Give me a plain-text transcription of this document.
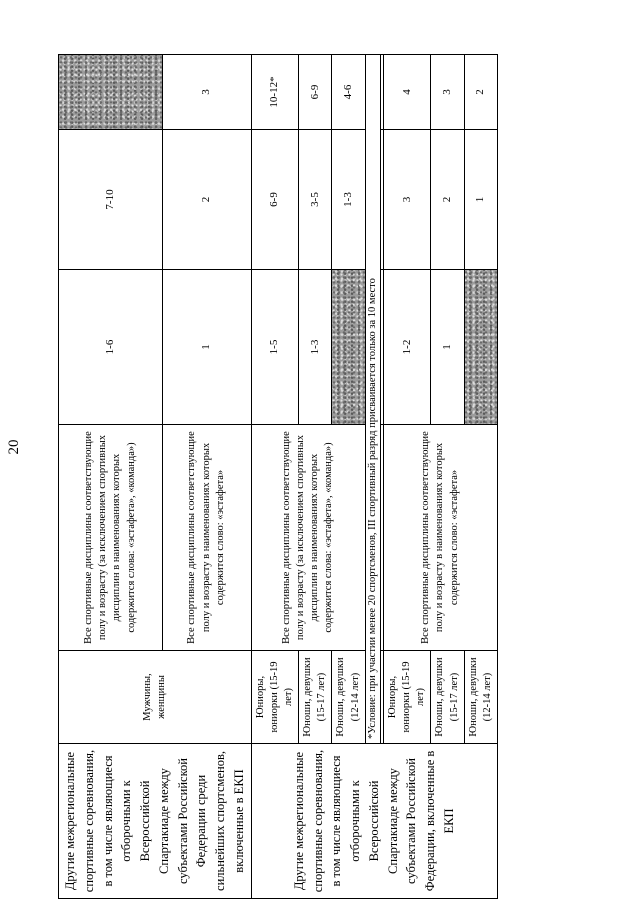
20
Другие межрегиональные спортивные соревнования, в том числе являющиеся отборочными к Всероссийской Спартакиаде между субъектами Российской Федерации среди сильнейших спортсменов, включенные в ЕКП	Мужчины, женщины	Все спортивные дисциплины соответствующие полу и возрасту (за исключением спортивных дисциплин в наименованиях которых содержится слова: «эстафета», «команда»)	1-6	7-10	
		Все спортивные дисциплины соответствующие полу и возрасту в наименованиях которых содержится слово: «эстафета»	1	2	3
Другие межрегиональные спортивные соревнования, в том числе являющиеся отборочными к Всероссийской Спартакиаде между субъектами Российской Федерации, включенные в ЕКП	Юниоры, юниорки (15-19 лет)	Все спортивные дисциплины соответствующие полу и возрасту (за исключением спортивных дисциплин в наименованиях которых содержится слова: «эстафета», «команда»)	1-5	6-9	10-12*
	Юноши, девушки (15-17 лет)		1-3	3-5	6-9
	Юноши, девушки (12-14 лет)			1-3	4-6
	*Условие: при участии менее 20 спортсменов, III спортивный разряд присваивается только за 10 место				

	Юниоры, юниорки (15-19 лет)	Все спортивные дисциплины соответствующие полу и возрасту в наименованиях которых содержится слово: «эстафета»	1-2	3	4
	Юноши, девушки (15-17 лет)		1	2	3
	Юноши, девушки (12-14 лет)			1	2
